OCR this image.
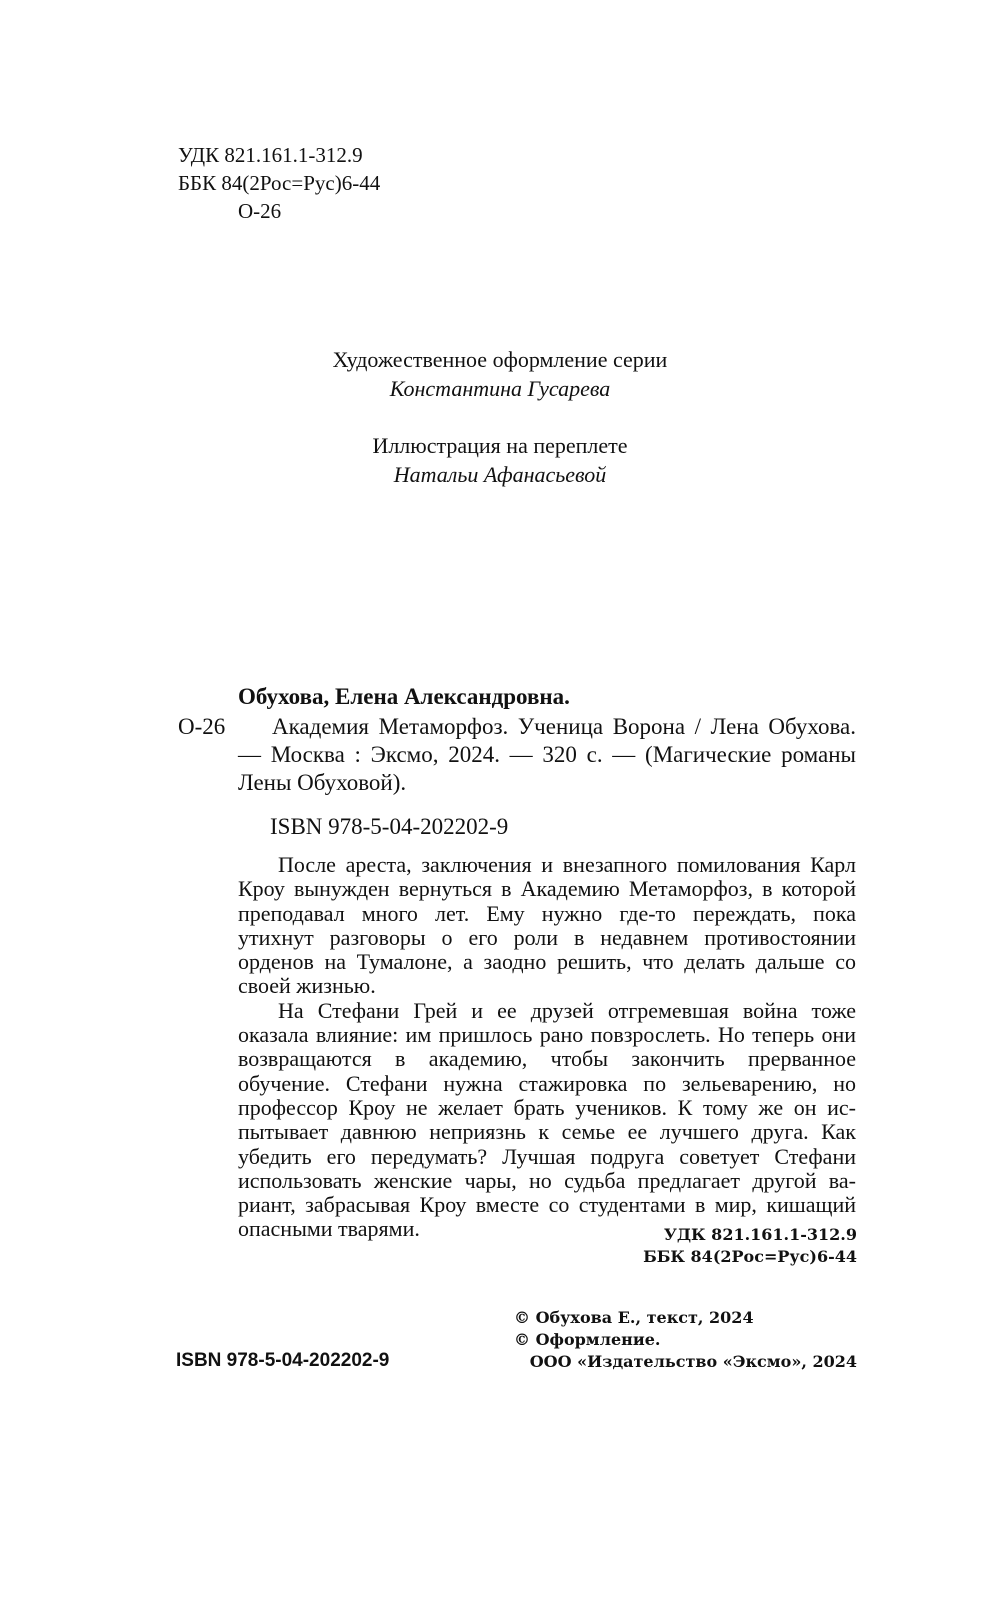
УДК 821.161.1-312.9
ББК 84(2Рос=Рус)6-44
О-26
Художественное оформление серии
Константина Гусарева
Иллюстрация на переплете
Натальи Афанасьевой
Обухова, Елена Александровна.
О-26	Академия Метаморфоз. Ученица Ворона / Лена Обухова. — Москва : Эксмо, 2024. — 320 с. — (Магические романы Лены Обуховой).
ISBN 978-5-04-202202-9

После ареста, заключения и внезапного помилования Карл Кроу вынужден вернуться в Академию Метаморфоз, в которой преподавал много лет. Ему нужно где-то переждать, пока утихнут разговоры о его роли в недавнем противостоянии орденов на Тумалоне, а заодно решить, что делать дальше со своей жизнью.

На Стефани Грей и ее друзей отгремевшая война тоже оказала влияние: им пришлось рано повзрослеть. Но теперь они возвращаются в академию, чтобы закончить прерванное обучение. Стефани нужна стажировка по зельеварению, но профессор Кроу не желает брать учеников. К тому же он испытывает давнюю неприязнь к семье ее лучшего друга. Как убедить его передумать? Лучшая подруга советует Стефани использовать женские чары, но судьба предлагает другой вариант, забрасывая Кроу вместе со студентами в мир, кишащий опасными тварями.	УДК 821.161.1-312.9
ББК 84(2Рос=Рус)6-44
© Обухова Е., текст, 2024
© Оформление.
ISBN 978-5-04-202202-9	ООО «Издательство «Эксмо», 2024
